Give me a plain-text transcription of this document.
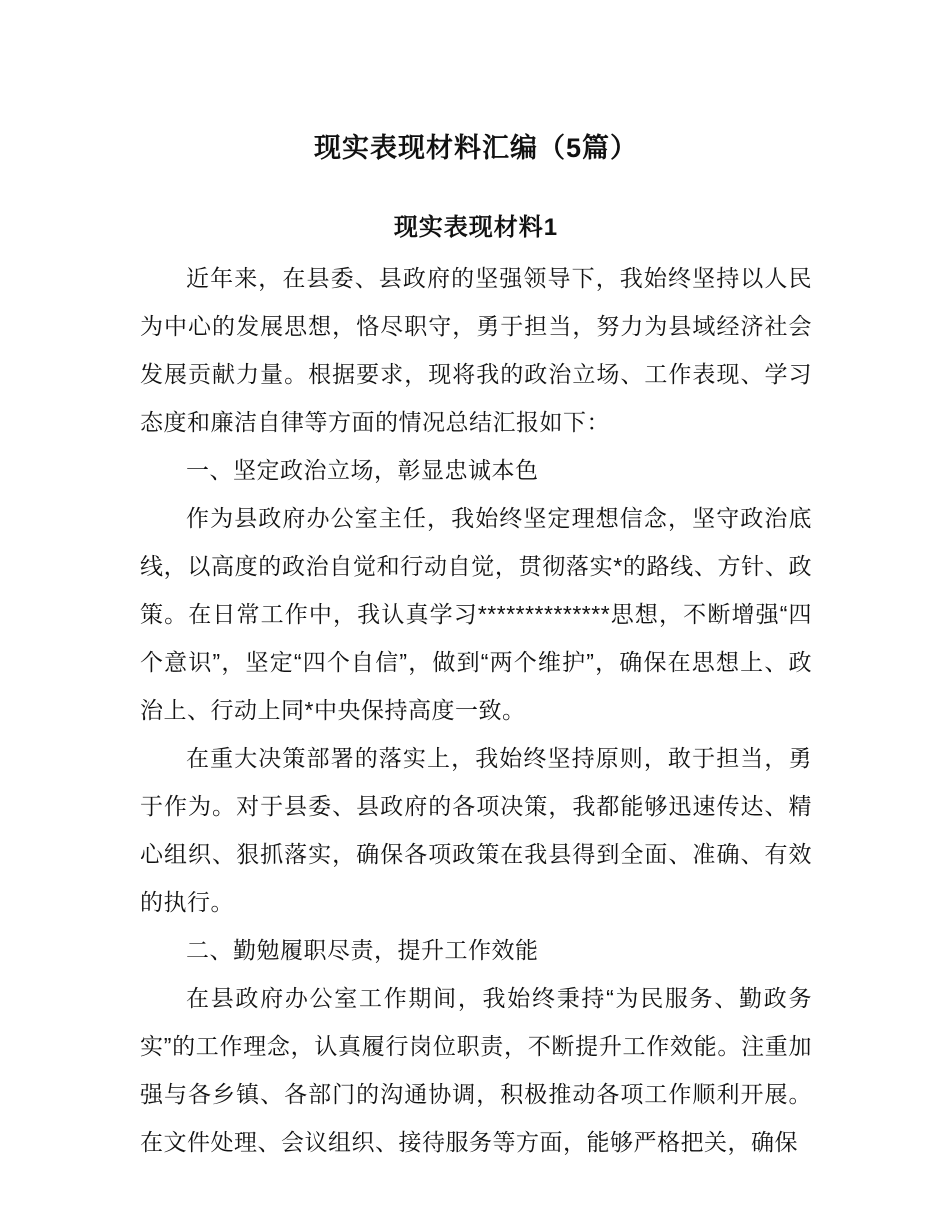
现实表现材料汇编（5篇）
现实表现材料1

近年来，在县委、县政府的坚强领导下，我始终坚持以人民为中心的发展思想，恪尽职守，勇于担当，努力为县域经济社会发展贡献力量。根据要求，现将我的政治立场、工作表现、学习态度和廉洁自律等方面的情况总结汇报如下：

一、坚定政治立场，彰显忠诚本色

作为县政府办公室主任，我始终坚定理想信念，坚守政治底线，以高度的政治自觉和行动自觉，贯彻落实*的路线、方针、政策。在日常工作中，我认真学习**************思想，不断增强“四个意识”，坚定“四个自信”，做到“两个维护”，确保在思想上、政治上、行动上同*中央保持高度一致。

在重大决策部署的落实上，我始终坚持原则，敢于担当，勇于作为。对于县委、县政府的各项决策，我都能够迅速传达、精心组织、狠抓落实，确保各项政策在我县得到全面、准确、有效的执行。

二、勤勉履职尽责，提升工作效能

在县政府办公室工作期间，我始终秉持“为民服务、勤政务实”的工作理念，认真履行岗位职责，不断提升工作效能。注重加强与各乡镇、各部门的沟通协调，积极推动各项工作顺利开展。在文件处理、会议组织、接待服务等方面，能够严格把关，确保
